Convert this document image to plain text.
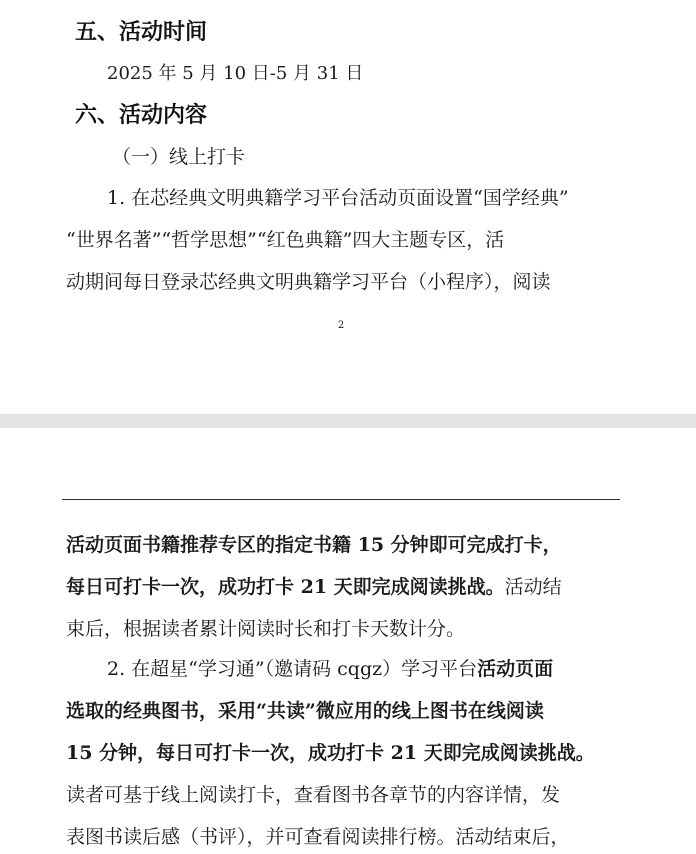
五、活动时间
2025 年 5 月 10 日-5 月 31 日
六、活动内容
（一）线上打卡
1. 在芯经典文明典籍学习平台活动页面设置“国学经典”
“世界名著”“哲学思想”“红色典籍”四大主题专区，活
动期间每日登录芯经典文明典籍学习平台（小程序），阅读
2
活动页面书籍推荐专区的指定书籍 15 分钟即可完成打卡，
每日可打卡一次，成功打卡 21 天即完成阅读挑战。活动结
束后，根据读者累计阅读时长和打卡天数计分。
2. 在超星“学习通”（邀请码 cqgz）学习平台活动页面
选取的经典图书，采用“共读”微应用的线上图书在线阅读
15 分钟，每日可打卡一次，成功打卡 21 天即完成阅读挑战。
读者可基于线上阅读打卡，查看图书各章节的内容详情，发
表图书读后感（书评），并可查看阅读排行榜。活动结束后，
